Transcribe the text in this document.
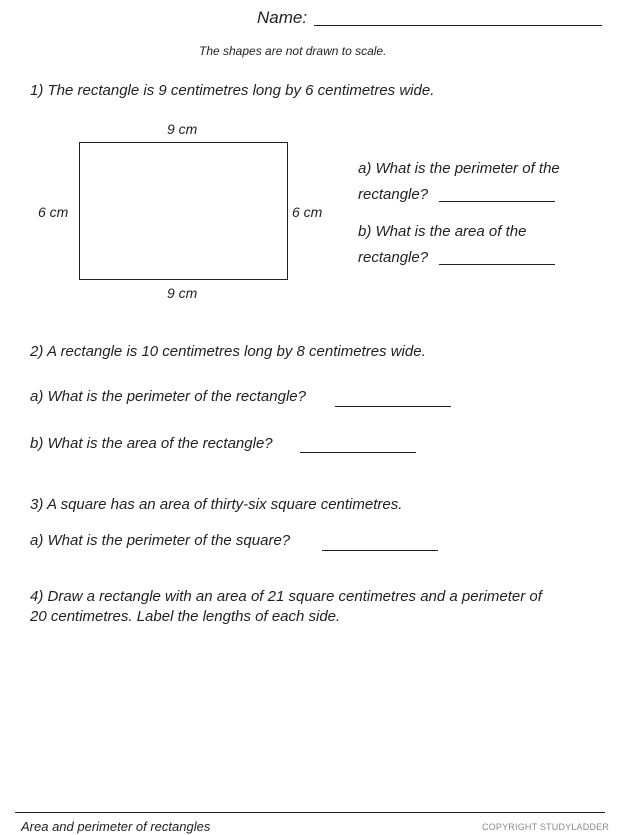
Name:
The shapes are not drawn to scale.
1) The rectangle is 9 centimetres long by 6 centimetres wide.
9 cm
6 cm	6 cm
9 cm
a) What is the perimeter of the
rectangle?
b) What is the area of the
rectangle?
2) A rectangle is 10 centimetres long by 8 centimetres wide.
a) What is the perimeter of the rectangle?
b) What is the area of the rectangle?
3) A square has an area of thirty-six square centimetres.
a) What is the perimeter of the square?
4) Draw a rectangle with an area of 21 square centimetres and a perimeter of
20 centimetres. Label the lengths of each side.
Area and perimeter of rectangles	COPYRIGHT STUDYLADDER
